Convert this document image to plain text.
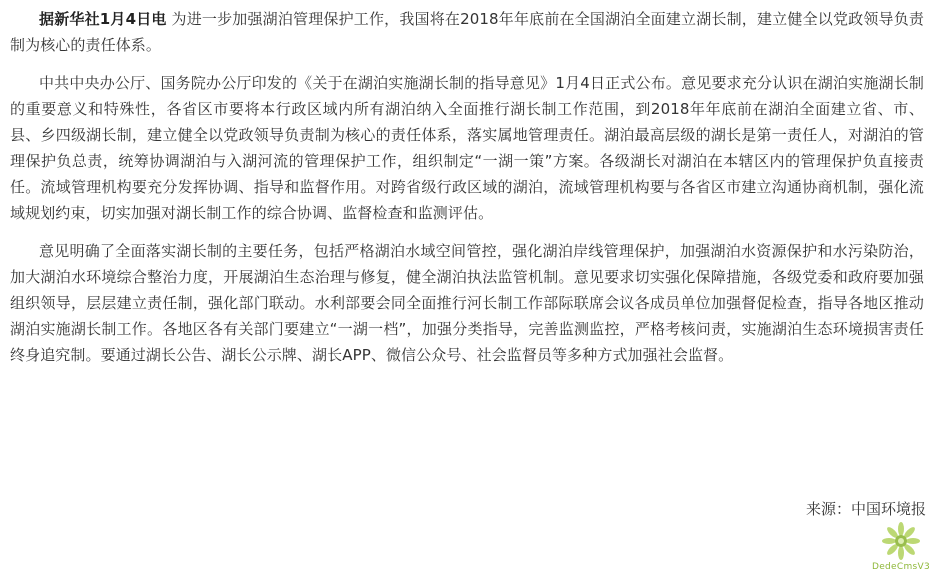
据新华社1月4日电 为进一步加强湖泊管理保护工作，我国将在2018年年底前在全国湖泊全面建立湖长制，建立健全以党政领导负责制为核心的责任体系。

中共中央办公厅、国务院办公厅印发的《关于在湖泊实施湖长制的指导意见》1月4日正式公布。意见要求充分认识在湖泊实施湖长制的重要意义和特殊性，各省区市要将本行政区域内所有湖泊纳入全面推行湖长制工作范围，到2018年年底前在湖泊全面建立省、市、县、乡四级湖长制，建立健全以党政领导负责制为核心的责任体系，落实属地管理责任。湖泊最高层级的湖长是第一责任人，对湖泊的管理保护负总责，统筹协调湖泊与入湖河流的管理保护工作，组织制定“一湖一策”方案。各级湖长对湖泊在本辖区内的管理保护负直接责任。流域管理机构要充分发挥协调、指导和监督作用。对跨省级行政区域的湖泊，流域管理机构要与各省区市建立沟通协商机制，强化流域规划约束，切实加强对湖长制工作的综合协调、监督检查和监测评估。

意见明确了全面落实湖长制的主要任务，包括严格湖泊水域空间管控，强化湖泊岸线管理保护，加强湖泊水资源保护和水污染防治，加大湖泊水环境综合整治力度，开展湖泊生态治理与修复，健全湖泊执法监管机制。意见要求切实强化保障措施，各级党委和政府要加强组织领导，层层建立责任制，强化部门联动。水利部要会同全面推行河长制工作部际联席会议各成员单位加强督促检查，指导各地区推动湖泊实施湖长制工作。各地区各有关部门要建立“一湖一档”，加强分类指导，完善监测监控，严格考核问责，实施湖泊生态环境损害责任终身追究制。要通过湖长公告、湖长公示牌、湖长APP、微信公众号、社会监督员等多种方式加强社会监督。

来源：中国环境报
DedeCmsV3
